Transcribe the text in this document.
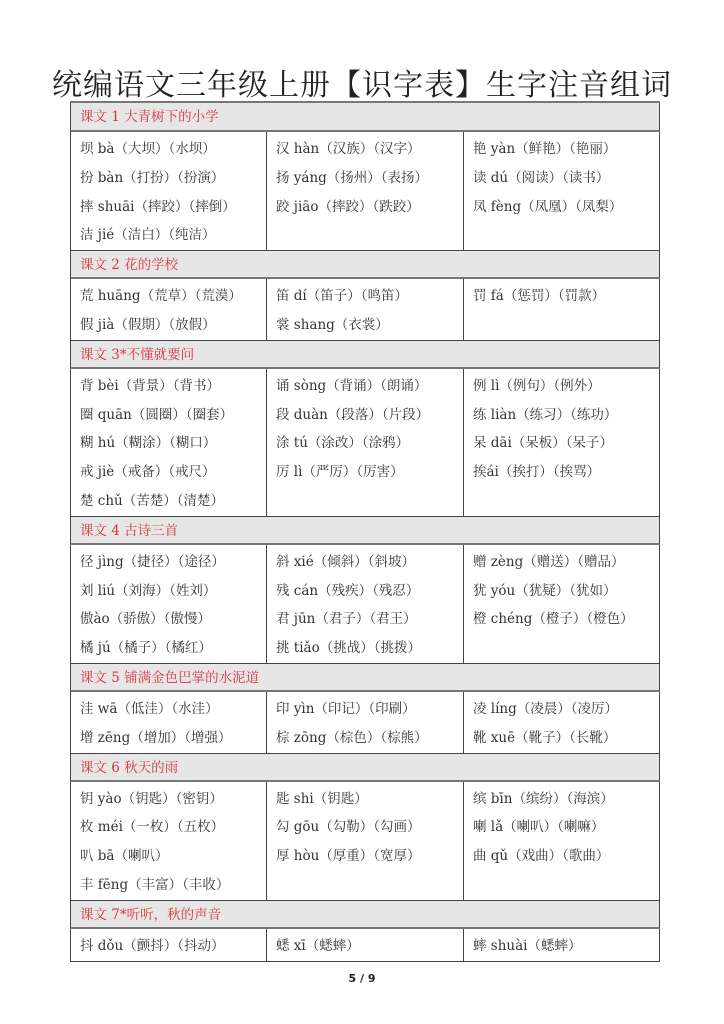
统编语文三年级上册【识字表】生字注音组词
课文 1 大青树下的小学
坝 bà（大坝）（水坝）
扮 bàn（打扮）（扮演）
摔 shuāi（摔跤）（摔倒）
洁 jié（洁白）（纯洁）
汉 hàn（汉族）（汉字）
扬 yáng（扬州）（表扬）
跤 jiāo（摔跤）（跌跤）
艳 yàn（鲜艳）（艳丽）
读 dú（阅读）（读书）
凤 fèng（凤凰）（凤梨）
课文 2 花的学校
荒 huāng（荒草）（荒漠）
假 jià（假期）（放假）
笛 dí（笛子）（鸣笛）
裳 shang（衣裳）
罚 fá（惩罚）（罚款）
课文 3*不懂就要问
背 bèi（背景）（背书）
圈 quān（圆圈）（圈套）
糊 hú（糊涂）（糊口）
戒 jiè（戒备）（戒尺）
楚 chǔ（苦楚）（清楚）
诵 sòng（背诵）（朗诵）
段 duàn（段落）（片段）
涂 tú（涂改）（涂鸦）
厉 lì（严厉）（厉害）
例 lì（例句）（例外）
练 liàn（练习）（练功）
呆 dāi（呆板）（呆子）
挨ái（挨打）（挨骂）
课文 4 古诗三首
径 jìng（捷径）（途径）
刘 liú（刘海）（姓刘）
傲ào（骄傲）（傲慢）
橘 jú（橘子）（橘红）
斜 xié（倾斜）（斜坡）
残 cán（残疾）（残忍）
君 jūn（君子）（君王）
挑 tiǎo（挑战）（挑拨）
赠 zèng（赠送）（赠品）
犹 yóu（犹疑）（犹如）
橙 chéng（橙子）（橙色）
课文 5 铺满金色巴掌的水泥道
洼 wā（低洼）（水洼）
增 zēng（增加）（增强）
印 yìn（印记）（印刷）
棕 zōng（棕色）（棕熊）
凌 líng（凌晨）（凌厉）
靴 xuē（靴子）（长靴）
课文 6 秋天的雨
钥 yào（钥匙）（密钥）
枚 méi（一枚）（五枚）
叭 bā（喇叭）
丰 fēng（丰富）（丰收）
匙 shi（钥匙）
勾 gōu（勾勒）（勾画）
厚 hòu（厚重）（宽厚）
缤 bīn（缤纷）（海滨）
喇 lǎ（喇叭）（喇嘛）
曲 qǔ（戏曲）（歌曲）
课文 7*听听，秋的声音
抖 dǒu（颤抖）（抖动）	蟋 xī（蟋蟀）	蟀 shuài（蟋蟀）
5 / 9
